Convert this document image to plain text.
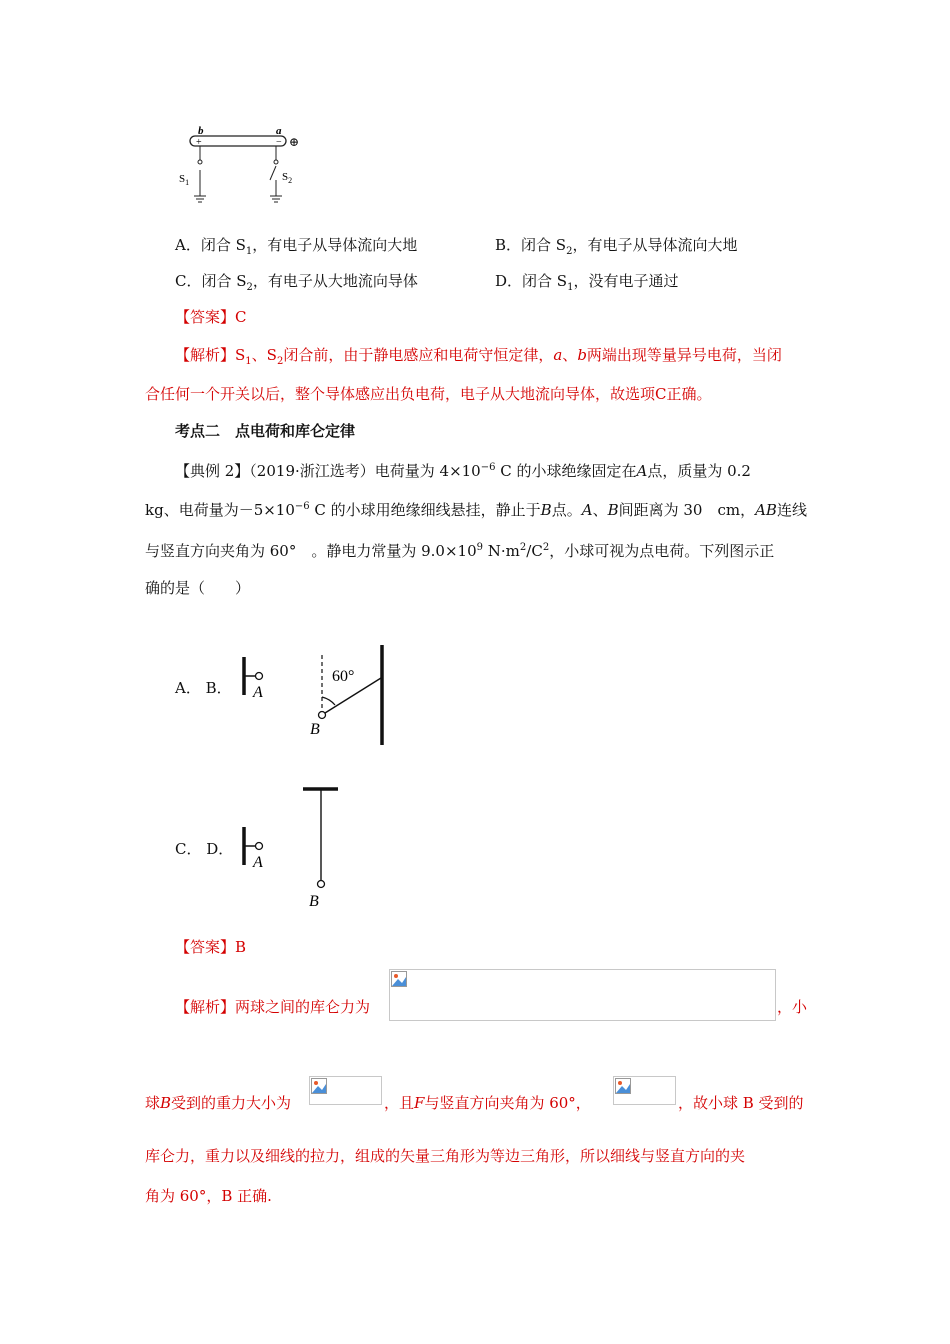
b	a
+	− ⊕
$S_1$	$S_2$
A．闭合 $S_1$，有电子从导体流向大地	B．闭合 $S_2$，有电子从导体流向大地
C．闭合 $S_2$，有电子从大地流向导体	D．闭合 $S_1$，没有电子通过
【答案】C
【解析】$S_1$、$S_2$闭合前，由于静电感应和电荷守恒定律，a、b两端出现等量异号电荷，当闭
合任何一个开关以后，整个导体感应出负电荷，电子从大地流向导体，故选项C正确。
考点二　点电荷和库仑定律
【典例 2】（2019·浙江选考）电荷量为 $4\times 10^{-6}$ C 的小球绝缘固定在A点，质量为 0.2
kg、电荷量为$-5\times 10^{-6}$ C 的小球用绝缘细线悬挂，静止于B点。A、B间距离为 30　cm，AB连线
与竖直方向夹角为 60°　。静电力常量为 $9.0\times 10^9$ $N\cdot m^2/C^2$，小球可视为点电荷。下列图示正
确的是（　　）
A． B． A
B
60°
C． D．
A
B
【答案】B
【解析】两球之间的库仑力为	，小
球B受到的重力大小为	，且F与竖直方向夹角为 60°，	，故小球 B 受到的
库仑力，重力以及细线的拉力，组成的矢量三角形为等边三角形，所以细线与竖直方向的夹
角为 60°，B 正确.
